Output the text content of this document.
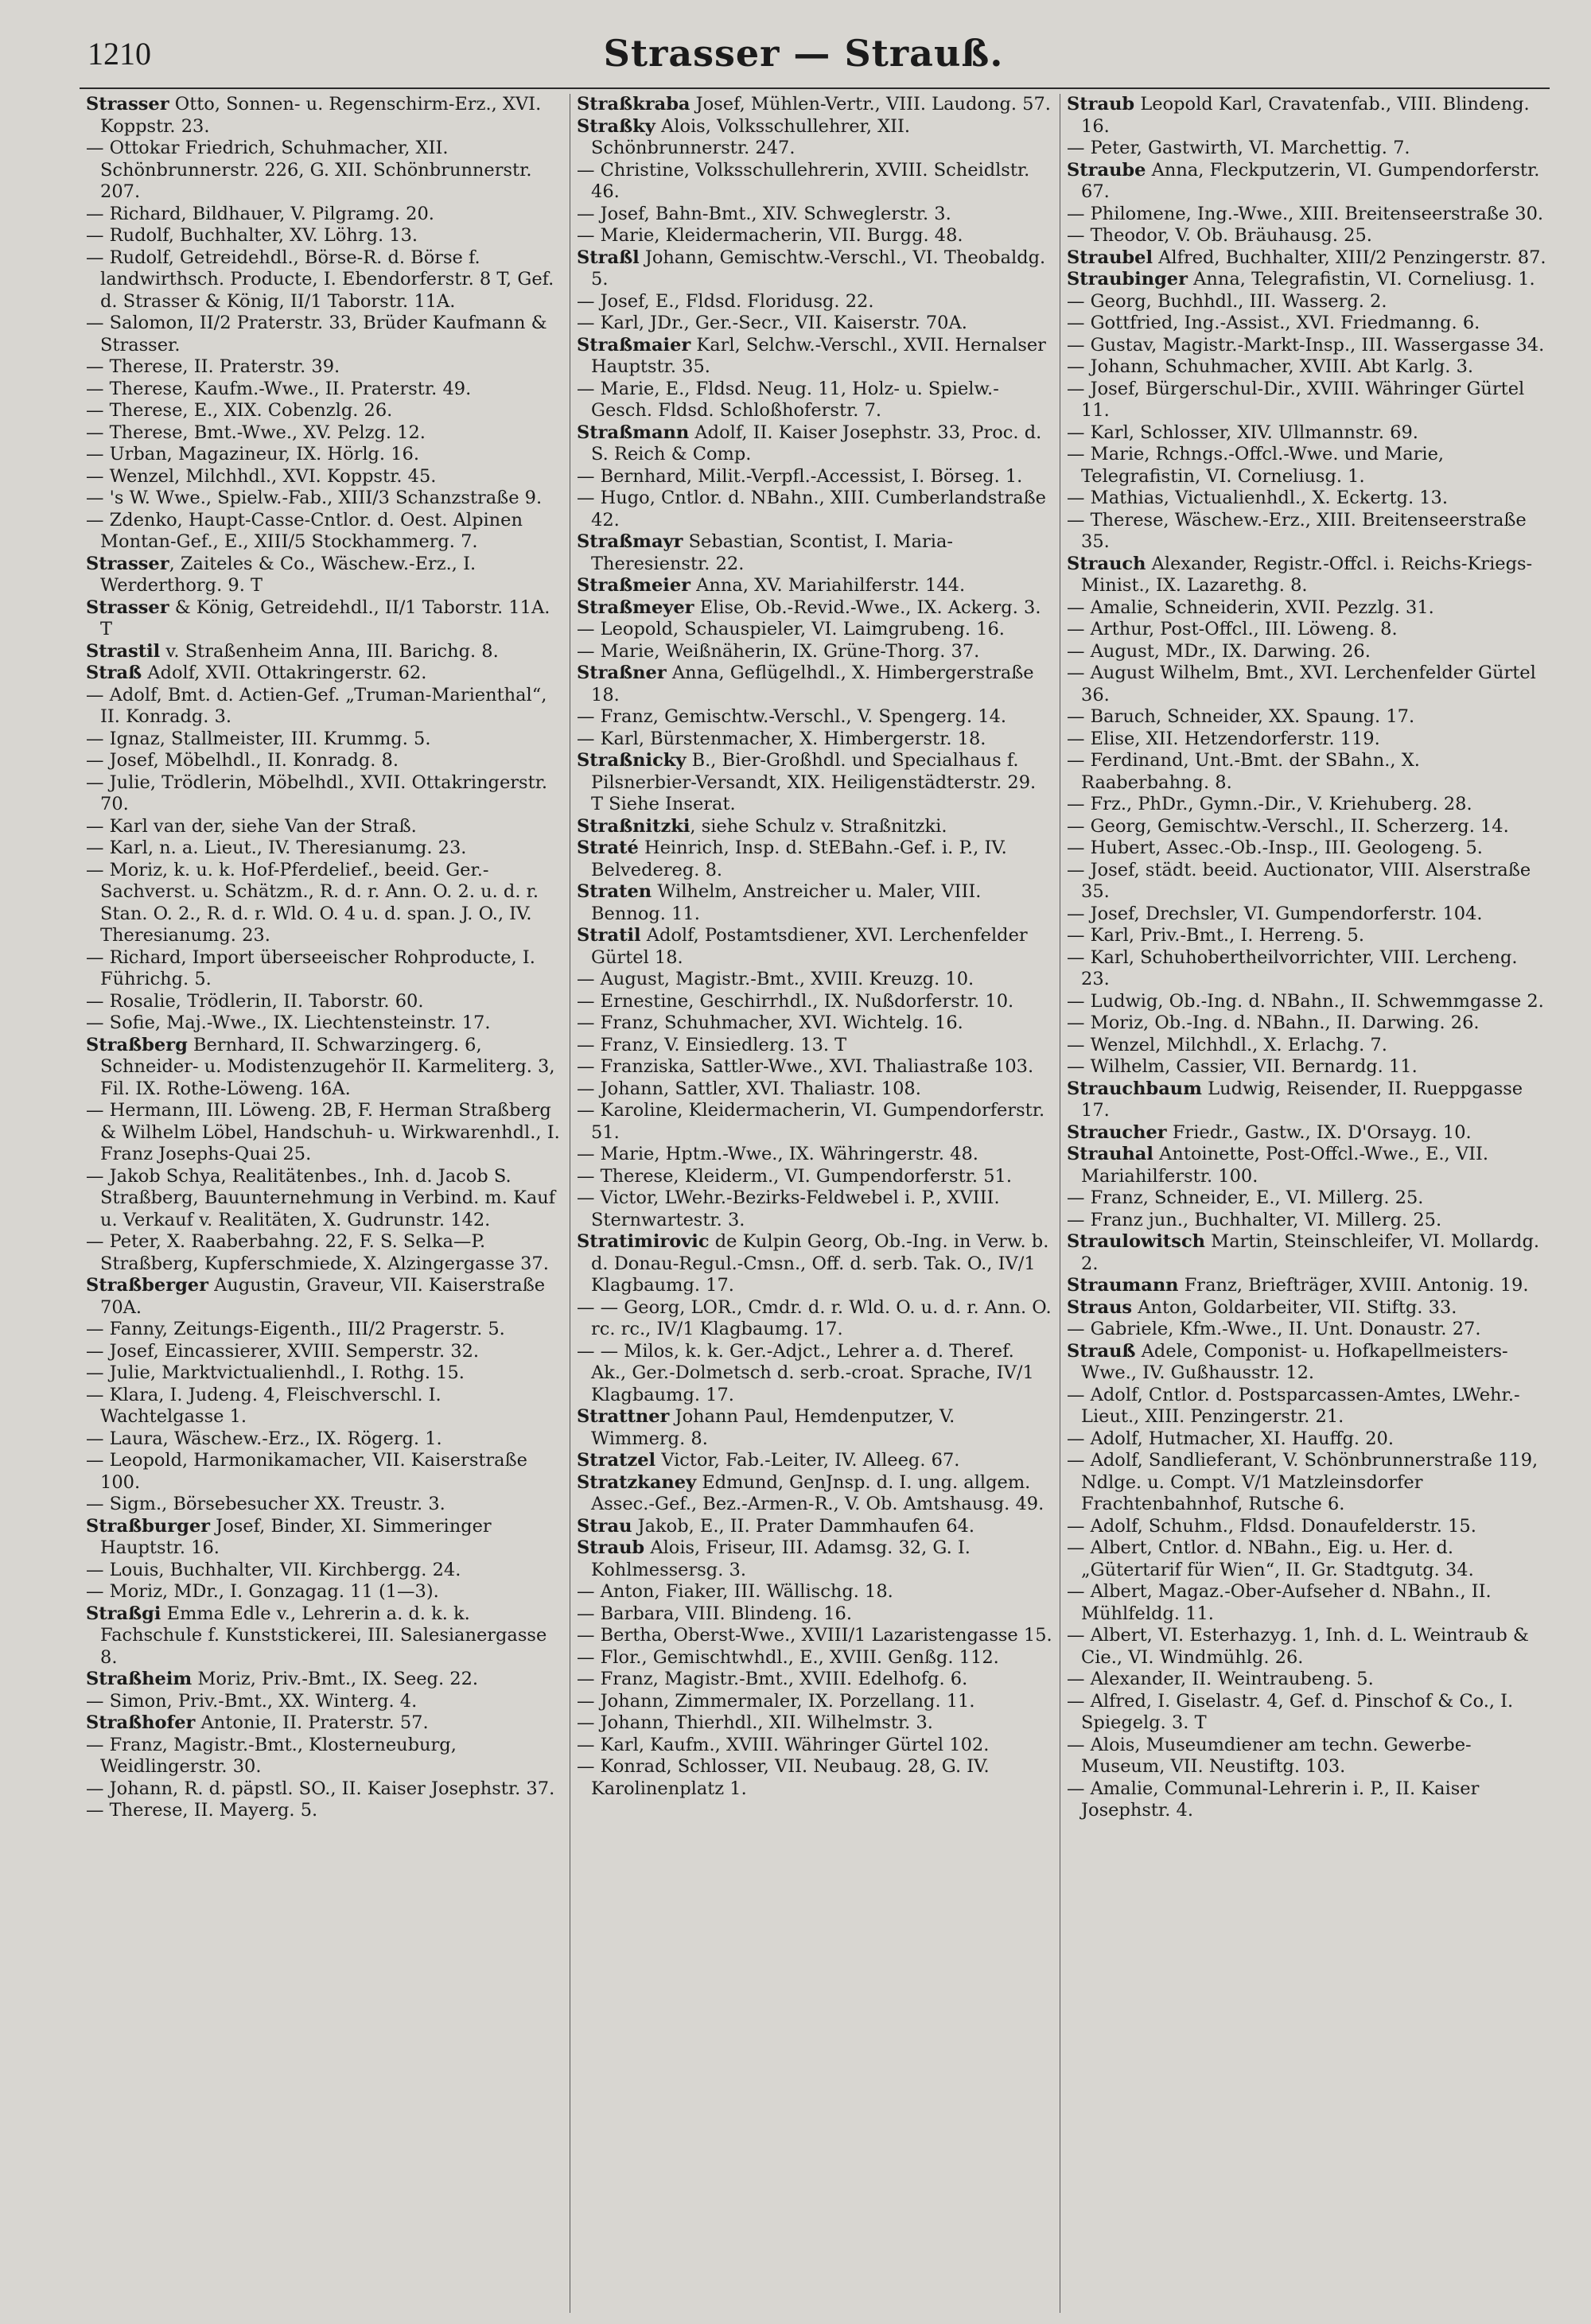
1210	Strasser — Strauß.

Strasser Otto, Sonnen- u. Regenschirm-Erz., XVI. Koppstr. 23.

— Ottokar Friedrich, Schuhmacher, XII. Schönbrunnerstr. 226, G. XII. Schönbrunnerstr. 207.

— Richard, Bildhauer, V. Pilgramg. 20.

— Rudolf, Buchhalter, XV. Löhrg. 13.

— Rudolf, Getreidehdl., Börse-R. d. Börse f. landwirthsch. Producte, I. Ebendorferstr. 8 T, Gef. d. Strasser & König, II/1 Taborstr. 11A.

— Salomon, II/2 Praterstr. 33, Brüder Kaufmann & Strasser.

— Therese, II. Praterstr. 39.

— Therese, Kaufm.-Wwe., II. Praterstr. 49.

— Therese, E., XIX. Cobenzlg. 26.

— Therese, Bmt.-Wwe., XV. Pelzg. 12.

— Urban, Magazineur, IX. Hörlg. 16.

— Wenzel, Milchhdl., XVI. Koppstr. 45.

— 's W. Wwe., Spielw.-Fab., XIII/3 Schanzstraße 9.

— Zdenko, Haupt-Casse-Cntlor. d. Oest. Alpinen Montan-Gef., E., XIII/5 Stockhammerg. 7.

Strasser, Zaiteles & Co., Wäschew.-Erz., I. Werderthorg. 9. T

Strasser & König, Getreidehdl., II/1 Taborstr. 11A. T

Strastil v. Straßenheim Anna, III. Barichg. 8.

Straß Adolf, XVII. Ottakringerstr. 62.

— Adolf, Bmt. d. Actien-Gef. „Truman-Marienthal“, II. Konradg. 3.

— Ignaz, Stallmeister, III. Krummg. 5.

— Josef, Möbelhdl., II. Konradg. 8.

— Julie, Trödlerin, Möbelhdl., XVII. Ottakringerstr. 70.

— Karl van der, siehe Van der Straß.

— Karl, n. a. Lieut., IV. Theresianumg. 23.

— Moriz, k. u. k. Hof-Pferdelief., beeid. Ger.-Sachverst. u. Schätzm., R. d. r. Ann. O. 2. u. d. r. Stan. O. 2., R. d. r. Wld. O. 4 u. d. span. J. O., IV. Theresianumg. 23.

— Richard, Import überseeischer Rohproducte, I. Führichg. 5.

— Rosalie, Trödlerin, II. Taborstr. 60.

— Sofie, Maj.-Wwe., IX. Liechtensteinstr. 17.

Straßberg Bernhard, II. Schwarzingerg. 6, Schneider- u. Modistenzugehör II. Karmeliterg. 3, Fil. IX. Rothe-Löweng. 16A.

— Hermann, III. Löweng. 2B, F. Herman Straßberg & Wilhelm Löbel, Handschuh- u. Wirkwarenhdl., I. Franz Josephs-Quai 25.

— Jakob Schya, Realitätenbes., Inh. d. Jacob S. Straßberg, Bauunternehmung in Verbind. m. Kauf u. Verkauf v. Realitäten, X. Gudrunstr. 142.

— Peter, X. Raaberbahng. 22, F. S. Selka—P. Straßberg, Kupferschmiede, X. Alzingergasse 37.

Straßberger Augustin, Graveur, VII. Kaiserstraße 70A.

— Fanny, Zeitungs-Eigenth., III/2 Pragerstr. 5.

— Josef, Eincassierer, XVIII. Semperstr. 32.

— Julie, Marktvictualienhdl., I. Rothg. 15.

— Klara, I. Judeng. 4, Fleischverschl. I. Wachtelgasse 1.

— Laura, Wäschew.-Erz., IX. Rögerg. 1.

— Leopold, Harmonikamacher, VII. Kaiserstraße 100.

— Sigm., Börsebesucher XX. Treustr. 3.

Straßburger Josef, Binder, XI. Simmeringer Hauptstr. 16.

— Louis, Buchhalter, VII. Kirchbergg. 24.

— Moriz, MDr., I. Gonzagag. 11 (1—3).

Straßgi Emma Edle v., Lehrerin a. d. k. k. Fachschule f. Kunststickerei, III. Salesianergasse 8.

Straßheim Moriz, Priv.-Bmt., IX. Seeg. 22.

— Simon, Priv.-Bmt., XX. Winterg. 4.

Straßhofer Antonie, II. Praterstr. 57.

— Franz, Magistr.-Bmt., Klosterneuburg, Weidlingerstr. 30.

— Johann, R. d. päpstl. SO., II. Kaiser Josephstr. 37.

— Therese, II. Mayerg. 5.

Straßkraba Josef, Mühlen-Vertr., VIII. Laudong. 57.

Straßky Alois, Volksschullehrer, XII. Schönbrunnerstr. 247.

— Christine, Volksschullehrerin, XVIII. Scheidlstr. 46.

— Josef, Bahn-Bmt., XIV. Schweglerstr. 3.

— Marie, Kleidermacherin, VII. Burgg. 48.

Straßl Johann, Gemischtw.-Verschl., VI. Theobaldg. 5.

— Josef, E., Fldsd. Floridusg. 22.

— Karl, JDr., Ger.-Secr., VII. Kaiserstr. 70A.

Straßmaier Karl, Selchw.-Verschl., XVII. Hernalser Hauptstr. 35.

— Marie, E., Fldsd. Neug. 11, Holz- u. Spielw.-Gesch. Fldsd. Schloßhoferstr. 7.

Straßmann Adolf, II. Kaiser Josephstr. 33, Proc. d. S. Reich & Comp.

— Bernhard, Milit.-Verpfl.-Accessist, I. Börseg. 1.

— Hugo, Cntlor. d. NBahn., XIII. Cumberlandstraße 42.

Straßmayr Sebastian, Scontist, I. Maria-Theresienstr. 22.

Straßmeier Anna, XV. Mariahilferstr. 144.

Straßmeyer Elise, Ob.-Revid.-Wwe., IX. Ackerg. 3.

— Leopold, Schauspieler, VI. Laimgrubeng. 16.

— Marie, Weißnäherin, IX. Grüne-Thorg. 37.

Straßner Anna, Geflügelhdl., X. Himbergerstraße 18.

— Franz, Gemischtw.-Verschl., V. Spengerg. 14.

— Karl, Bürstenmacher, X. Himbergerstr. 18.

Straßnicky B., Bier-Großhdl. und Specialhaus f. Pilsnerbier-Versandt, XIX. Heiligenstädterstr. 29. T Siehe Inserat.

Straßnitzki, siehe Schulz v. Straßnitzki.

Straté Heinrich, Insp. d. StEBahn.-Gef. i. P., IV. Belvedereg. 8.

Straten Wilhelm, Anstreicher u. Maler, VIII. Bennog. 11.

Stratil Adolf, Postamtsdiener, XVI. Lerchenfelder Gürtel 18.

— August, Magistr.-Bmt., XVIII. Kreuzg. 10.

— Ernestine, Geschirrhdl., IX. Nußdorferstr. 10.

— Franz, Schuhmacher, XVI. Wichtelg. 16.

— Franz, V. Einsiedlerg. 13. T

— Franziska, Sattler-Wwe., XVI. Thaliastraße 103.

— Johann, Sattler, XVI. Thaliastr. 108.

— Karoline, Kleidermacherin, VI. Gumpendorferstr. 51.

— Marie, Hptm.-Wwe., IX. Währingerstr. 48.

— Therese, Kleiderm., VI. Gumpendorferstr. 51.

— Victor, LWehr.-Bezirks-Feldwebel i. P., XVIII. Sternwartestr. 3.

Stratimirovic de Kulpin Georg, Ob.-Ing. in Verw. b. d. Donau-Regul.-Cmsn., Off. d. serb. Tak. O., IV/1 Klagbaumg. 17.

— — Georg, LOR., Cmdr. d. r. Wld. O. u. d. r. Ann. O. rc. rc., IV/1 Klagbaumg. 17.

— — Milos, k. k. Ger.-Adjct., Lehrer a. d. Theref. Ak., Ger.-Dolmetsch d. serb.-croat. Sprache, IV/1 Klagbaumg. 17.

Strattner Johann Paul, Hemdenputzer, V. Wimmerg. 8.

Stratzel Victor, Fab.-Leiter, IV. Alleeg. 67.

Stratzkaney Edmund, GenJnsp. d. I. ung. allgem. Assec.-Gef., Bez.-Armen-R., V. Ob. Amtshausg. 49.

Strau Jakob, E., II. Prater Dammhaufen 64.

Straub Alois, Friseur, III. Adamsg. 32, G. I. Kohlmessersg. 3.

— Anton, Fiaker, III. Wällischg. 18.

— Barbara, VIII. Blindeng. 16.

— Bertha, Oberst-Wwe., XVIII/1 Lazaristengasse 15.

— Flor., Gemischtwhdl., E., XVIII. Genßg. 112.

— Franz, Magistr.-Bmt., XVIII. Edelhofg. 6.

— Johann, Zimmermaler, IX. Porzellang. 11.

— Johann, Thierhdl., XII. Wilhelmstr. 3.

— Karl, Kaufm., XVIII. Währinger Gürtel 102.

— Konrad, Schlosser, VII. Neubaug. 28, G. IV. Karolinenplatz 1.

Straub Leopold Karl, Cravatenfab., VIII. Blindeng. 16.

— Peter, Gastwirth, VI. Marchettig. 7.

Straube Anna, Fleckputzerin, VI. Gumpendorferstr. 67.

— Philomene, Ing.-Wwe., XIII. Breitenseerstraße 30.

— Theodor, V. Ob. Bräuhausg. 25.

Straubel Alfred, Buchhalter, XIII/2 Penzingerstr. 87.

Straubinger Anna, Telegrafistin, VI. Corneliusg. 1.

— Georg, Buchhdl., III. Wasserg. 2.

— Gottfried, Ing.-Assist., XVI. Friedmanng. 6.

— Gustav, Magistr.-Markt-Insp., III. Wassergasse 34.

— Johann, Schuhmacher, XVIII. Abt Karlg. 3.

— Josef, Bürgerschul-Dir., XVIII. Währinger Gürtel 11.

— Karl, Schlosser, XIV. Ullmannstr. 69.

— Marie, Rchngs.-Offcl.-Wwe. und Marie, Telegrafistin, VI. Corneliusg. 1.

— Mathias, Victualienhdl., X. Eckertg. 13.

— Therese, Wäschew.-Erz., XIII. Breitenseerstraße 35.

Strauch Alexander, Registr.-Offcl. i. Reichs-Kriegs-Minist., IX. Lazarethg. 8.

— Amalie, Schneiderin, XVII. Pezzlg. 31.

— Arthur, Post-Offcl., III. Löweng. 8.

— August, MDr., IX. Darwing. 26.

— August Wilhelm, Bmt., XVI. Lerchenfelder Gürtel 36.

— Baruch, Schneider, XX. Spaung. 17.

— Elise, XII. Hetzendorferstr. 119.

— Ferdinand, Unt.-Bmt. der SBahn., X. Raaberbahng. 8.

— Frz., PhDr., Gymn.-Dir., V. Kriehuberg. 28.

— Georg, Gemischtw.-Verschl., II. Scherzerg. 14.

— Hubert, Assec.-Ob.-Insp., III. Geologeng. 5.

— Josef, städt. beeid. Auctionator, VIII. Alserstraße 35.

— Josef, Drechsler, VI. Gumpendorferstr. 104.

— Karl, Priv.-Bmt., I. Herreng. 5.

— Karl, Schuhobertheilvorrichter, VIII. Lercheng. 23.

— Ludwig, Ob.-Ing. d. NBahn., II. Schwemmgasse 2.

— Moriz, Ob.-Ing. d. NBahn., II. Darwing. 26.

— Wenzel, Milchhdl., X. Erlachg. 7.

— Wilhelm, Cassier, VII. Bernardg. 11.

Strauchbaum Ludwig, Reisender, II. Rueppgasse 17.

Straucher Friedr., Gastw., IX. D'Orsayg. 10.

Strauhal Antoinette, Post-Offcl.-Wwe., E., VII. Mariahilferstr. 100.

— Franz, Schneider, E., VI. Millerg. 25.

— Franz jun., Buchhalter, VI. Millerg. 25.

Straulowitsch Martin, Steinschleifer, VI. Mollardg. 2.

Straumann Franz, Briefträger, XVIII. Antonig. 19.

Straus Anton, Goldarbeiter, VII. Stiftg. 33.

— Gabriele, Kfm.-Wwe., II. Unt. Donaustr. 27.

Strauß Adele, Componist- u. Hofkapellmeisters-Wwe., IV. Gußhausstr. 12.

— Adolf, Cntlor. d. Postsparcassen-Amtes, LWehr.-Lieut., XIII. Penzingerstr. 21.

— Adolf, Hutmacher, XI. Hauffg. 20.

— Adolf, Sandlieferant, V. Schönbrunnerstraße 119, Ndlge. u. Compt. V/1 Matzleinsdorfer Frachtenbahnhof, Rutsche 6.

— Adolf, Schuhm., Fldsd. Donaufelderstr. 15.

— Albert, Cntlor. d. NBahn., Eig. u. Her. d. „Gütertarif für Wien“, II. Gr. Stadtgutg. 34.

— Albert, Magaz.-Ober-Aufseher d. NBahn., II. Mühlfeldg. 11.

— Albert, VI. Esterhazyg. 1, Inh. d. L. Weintraub & Cie., VI. Windmühlg. 26.

— Alexander, II. Weintraubeng. 5.

— Alfred, I. Giselastr. 4, Gef. d. Pinschof & Co., I. Spiegelg. 3. T

— Alois, Museumdiener am techn. Gewerbe-Museum, VII. Neustiftg. 103.

— Amalie, Communal-Lehrerin i. P., II. Kaiser Josephstr. 4.
